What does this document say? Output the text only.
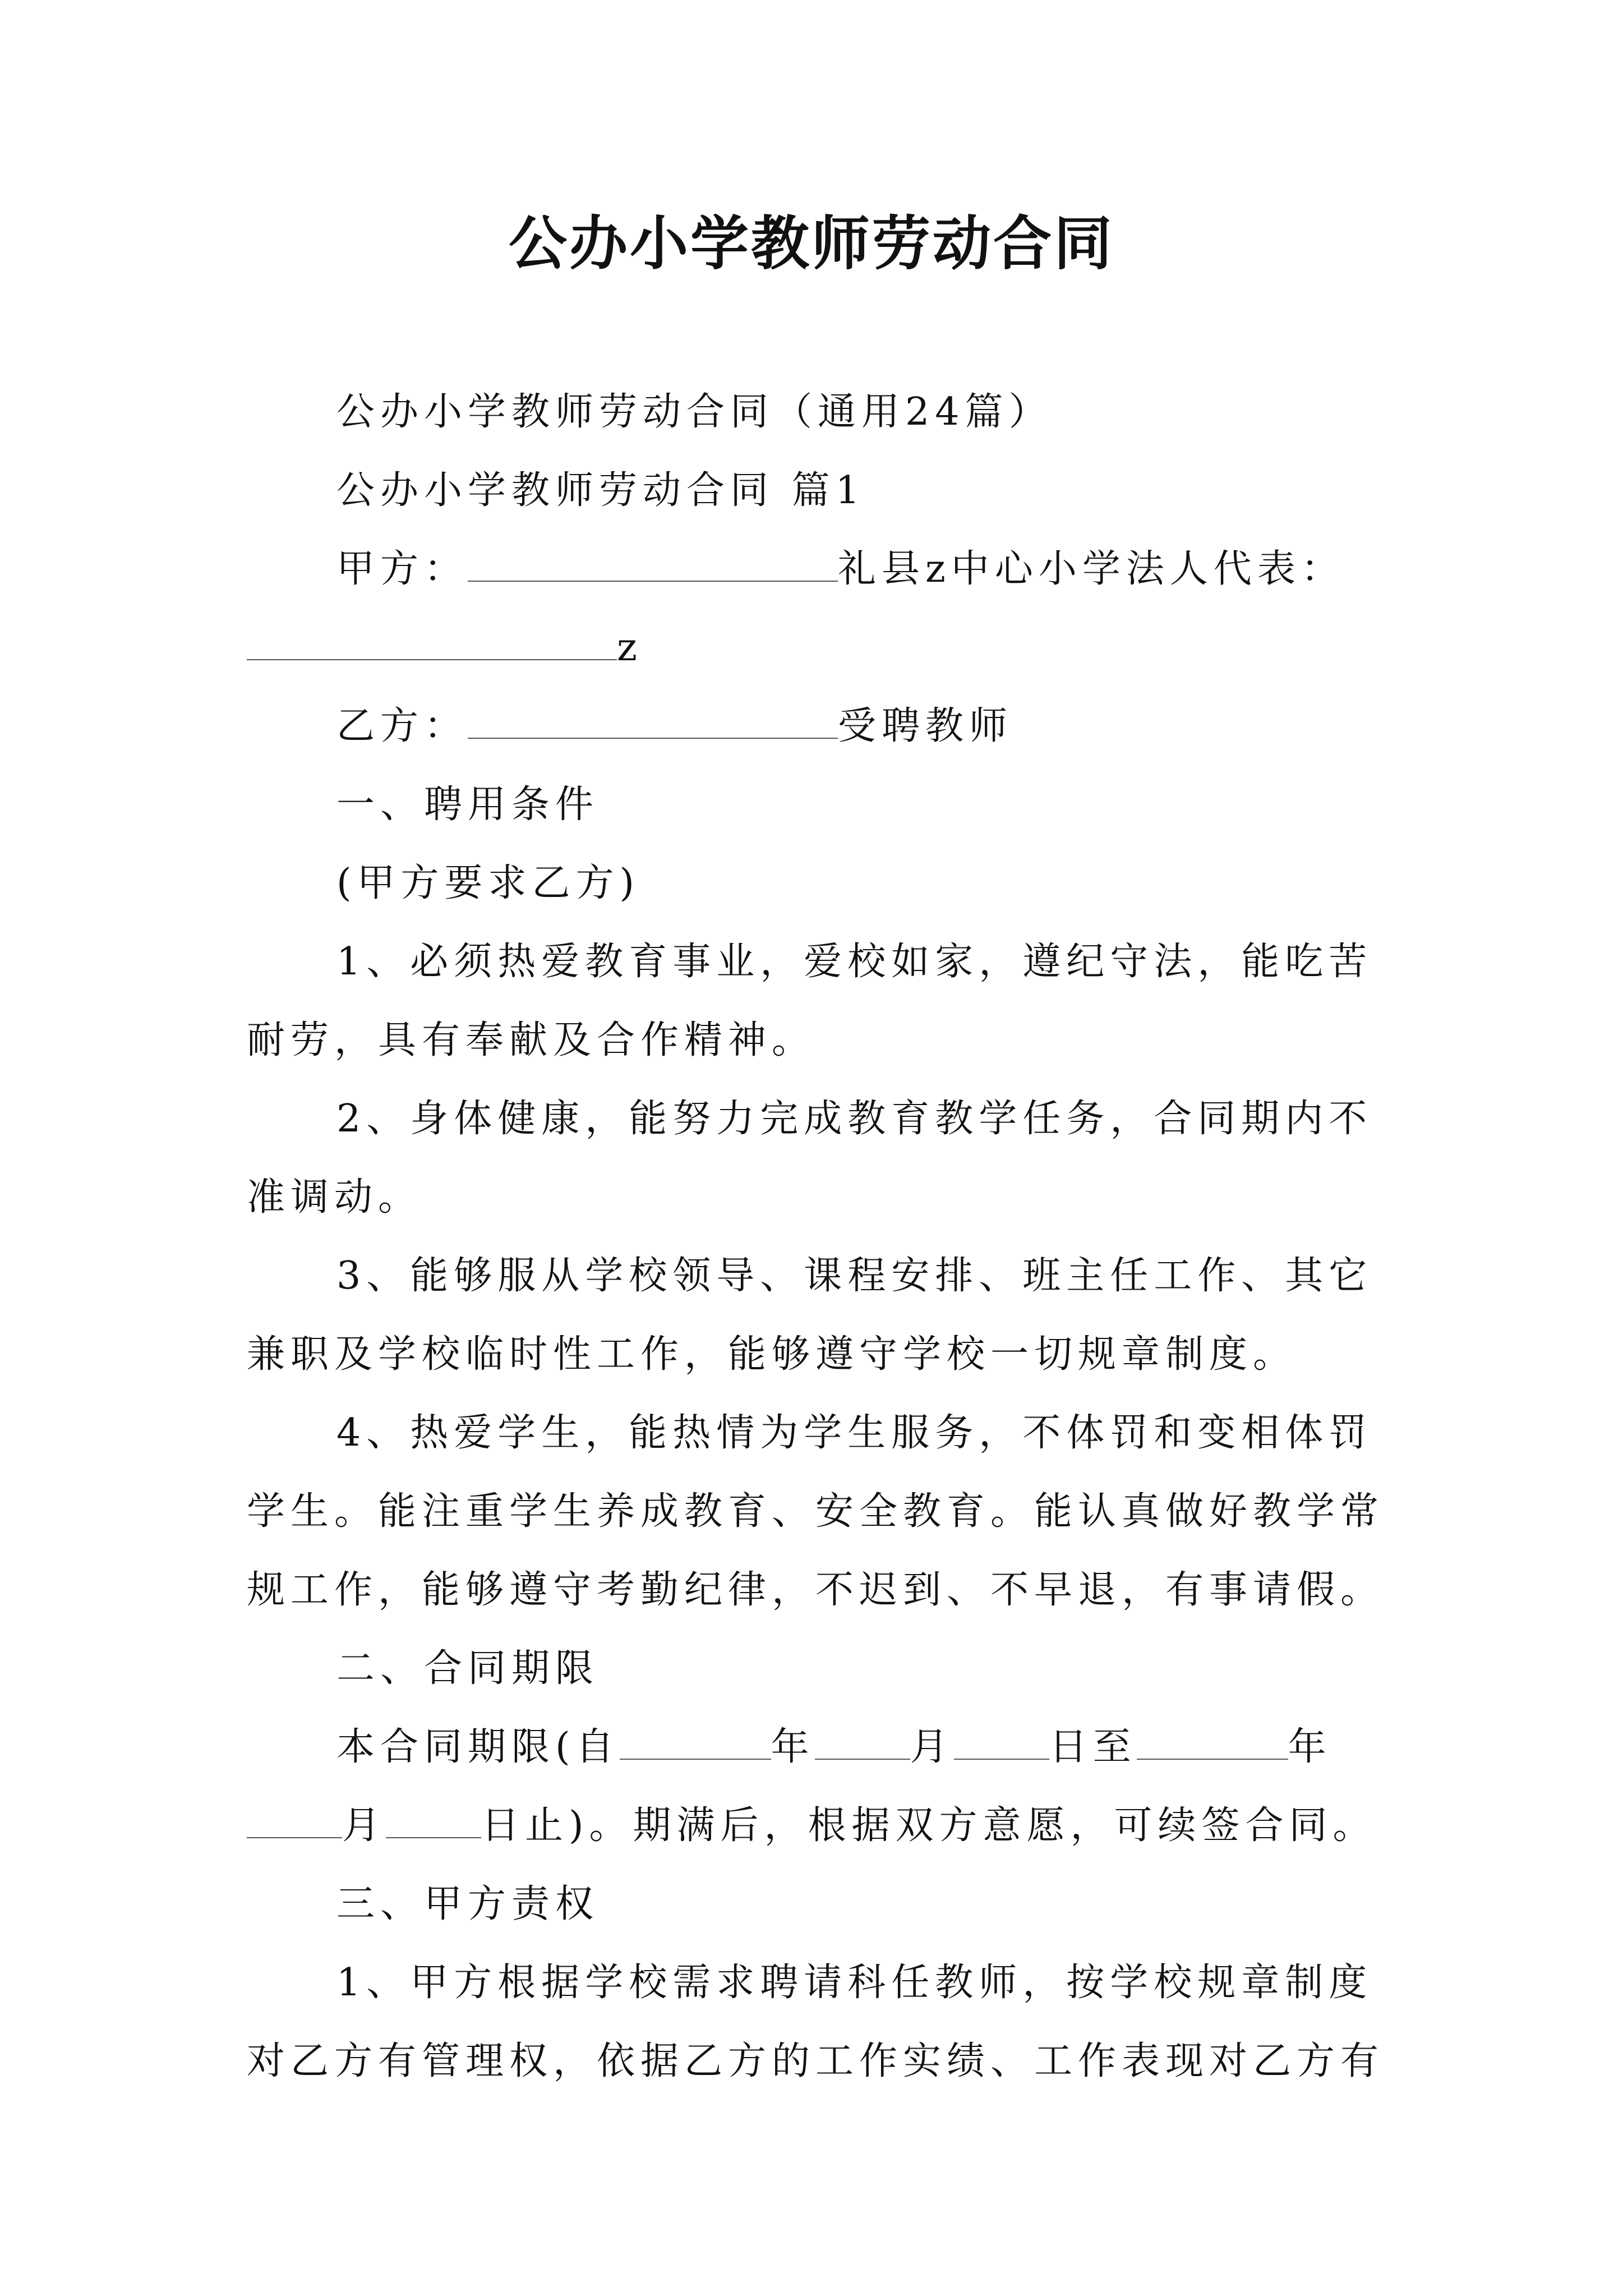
公办小学教师劳动合同

公办小学教师劳动合同（通用24篇）

公办小学教师劳动合同 篇1

甲方：	礼县z中心小学法人代表：z

乙方：	受聘教师

一、聘用条件

(甲方要求乙方)

1、必须热爱教育事业，爱校如家，遵纪守法，能吃苦耐劳，具有奉献及合作精神。

2、身体健康，能努力完成教育教学任务，合同期内不准调动。

3、能够服从学校领导、课程安排、班主任工作、其它兼职及学校临时性工作，能够遵守学校一切规章制度。

4、热爱学生，能热情为学生服务，不体罚和变相体罚学生。能注重学生养成教育、安全教育。能认真做好教学常规工作，能够遵守考勤纪律，不迟到、不早退，有事请假。

二、合同期限

本合同期限(自	年	月	日至	年月	日止)。期满后，根据双方意愿，可续签合同。

三、甲方责权

1、甲方根据学校需求聘请科任教师，按学校规章制度对乙方有管理权，依据乙方的工作实绩、工作表现对乙方有
